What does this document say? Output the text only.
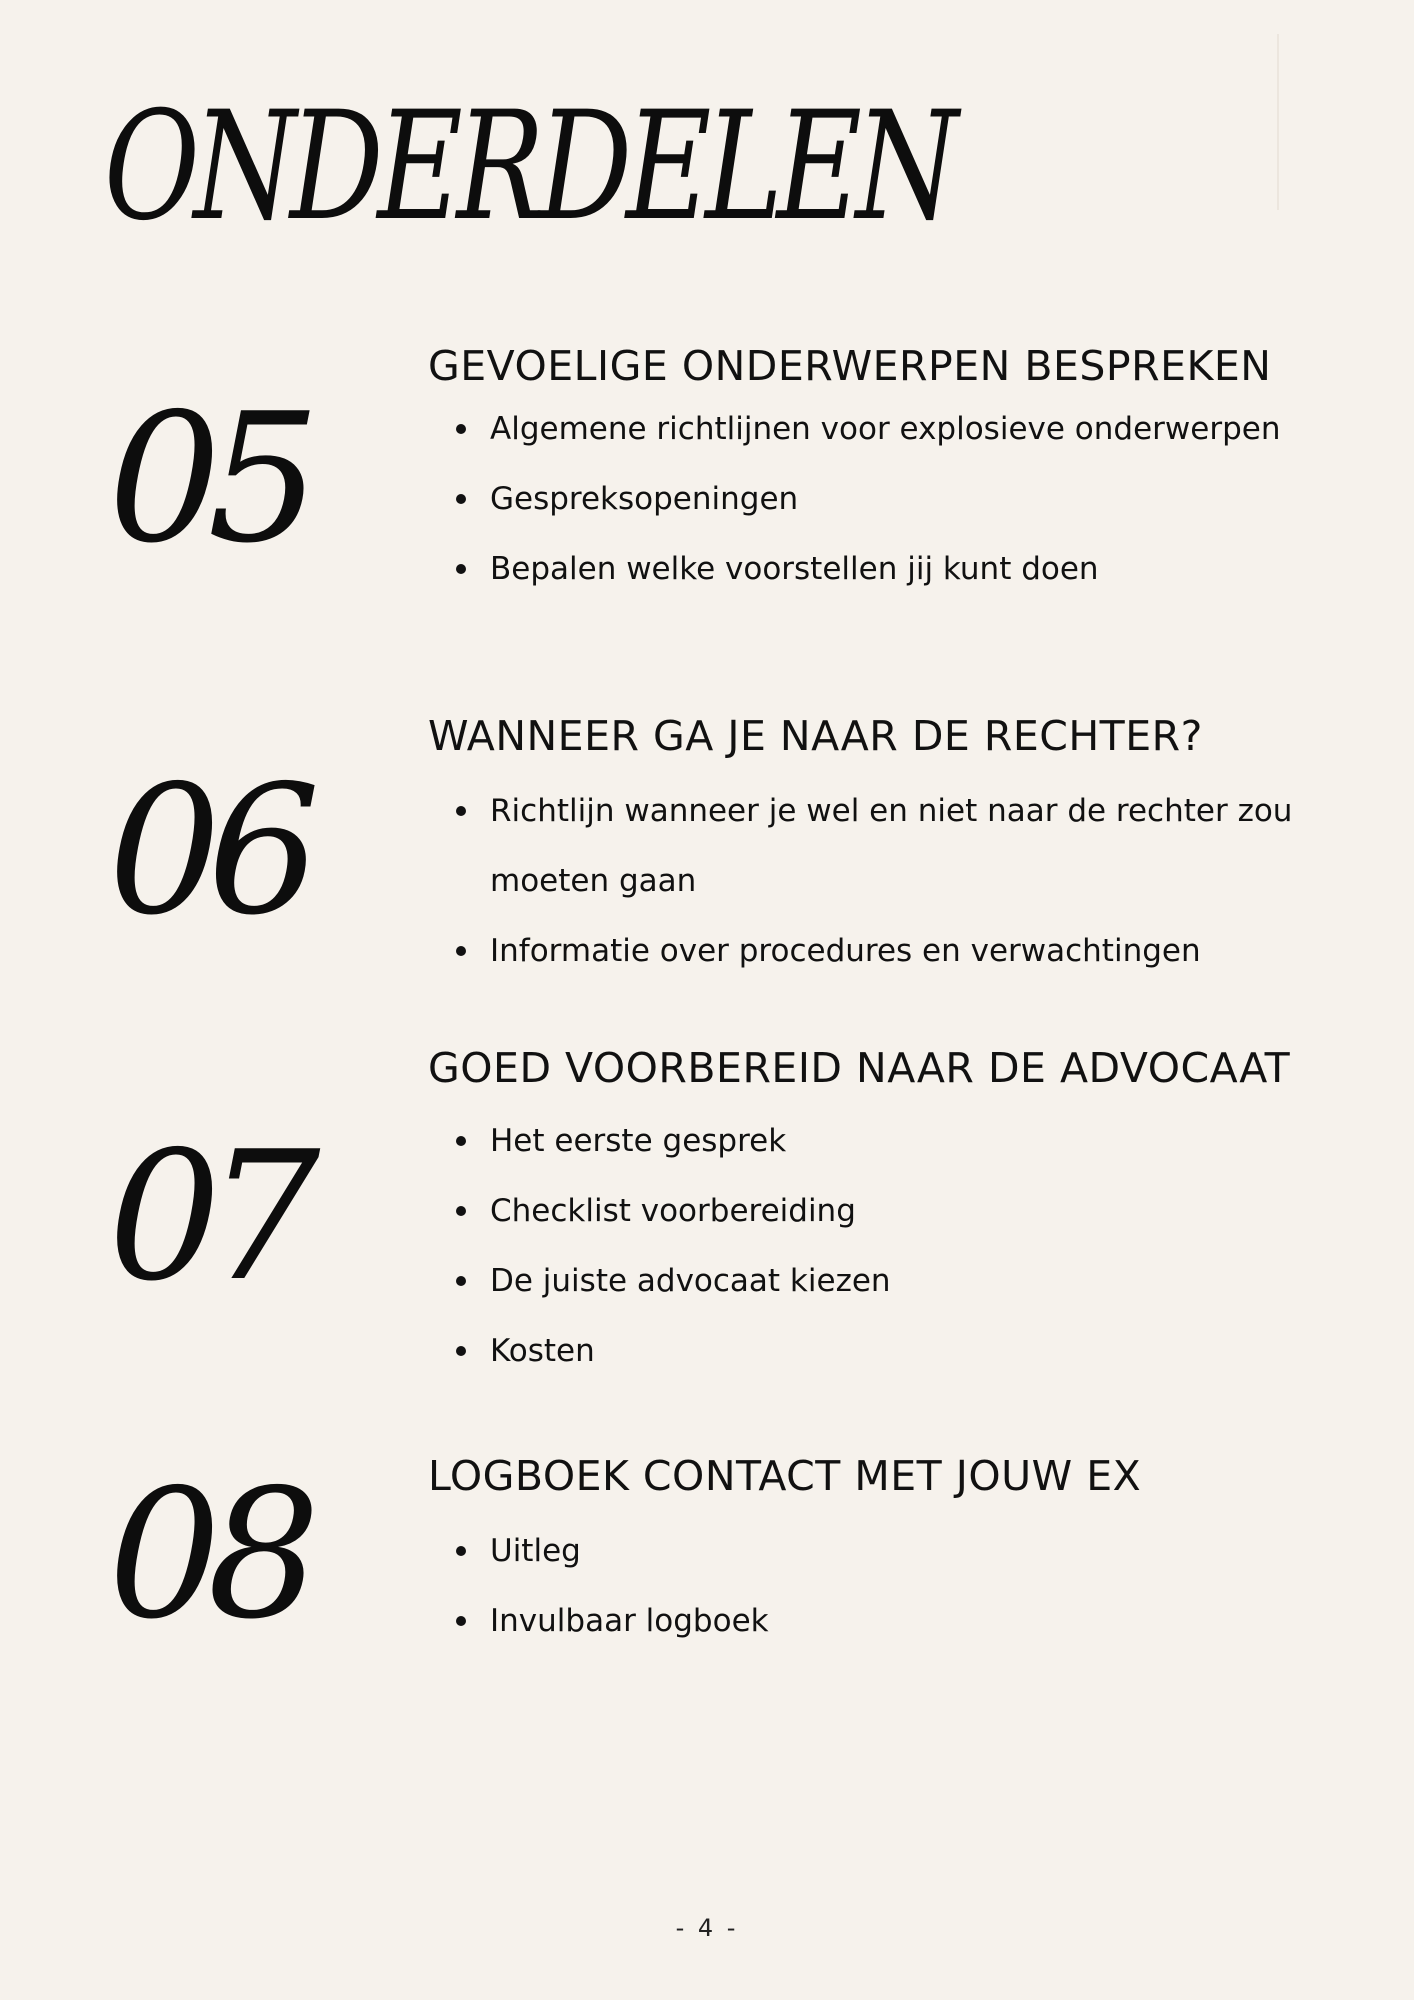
ONDERDELEN
05
GEVOELIGE ONDERWERPEN BESPREKEN
Algemene richtlijnen voor explosieve onderwerpen
Gespreksopeningen
Bepalen welke voorstellen jij kunt doen
06
WANNEER GA JE NAAR DE RECHTER?
Richtlijn wanneer je wel en niet naar de rechter zou moeten gaan
Informatie over procedures en verwachtingen
07
GOED VOORBEREID NAAR DE ADVOCAAT
Het eerste gesprek
Checklist voorbereiding
De juiste advocaat kiezen
Kosten
08	LOGBOEK CONTACT MET JOUW EX
Uitleg
Invulbaar logboek
- 4 -
